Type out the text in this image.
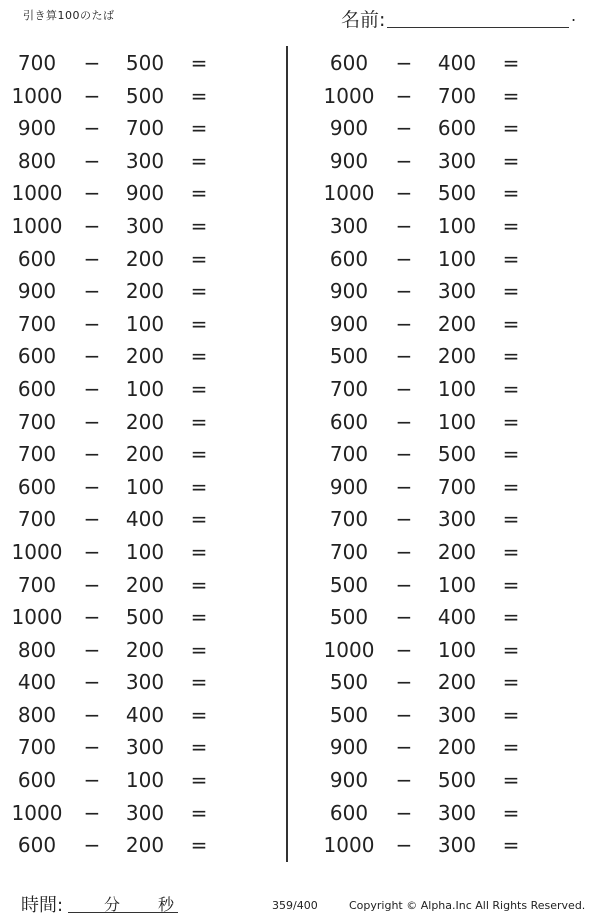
引き算100のたば	名前:	.
700	−	500	=
1000 −	500	=
900	−	700	=
800	−	300	=
1000 −	900	=
1000 −	300	=
600	−	200	=
900	−	200	=
700	−	100	=
600	−	200	=
600	−	100	=
700	−	200	=
700	−	200	=
600	−	100	=
700	−	400	=
1000 −	100	=
700	−	200	=
1000 −	500	=
800	−	200	=
400	−	300	=
800	−	400	=
700	−	300	=
600	−	100	=
1000 −	300	=
600	−	200	=
600	−	400	=
1000 −	700	=
900	−	600	=
900	−	300	=
1000 −	500	=
300	−	100	=
600	−	100	=
900	−	300	=
900	−	200	=
500	−	200	=
700	−	100	=
600	−	100	=
700	−	500	=
900	−	700	=
700	−	300	=
700	−	200	=
500	−	100	=
500	−	400	=
1000 −	100	=
500	−	200	=
500	−	300	=
900	−	200	=
900	−	500	=
600	−	300	=
1000 −	300	=
時間:	分 秒	359/400	Copyright © Alpha.Inc All Rights Reserved.
